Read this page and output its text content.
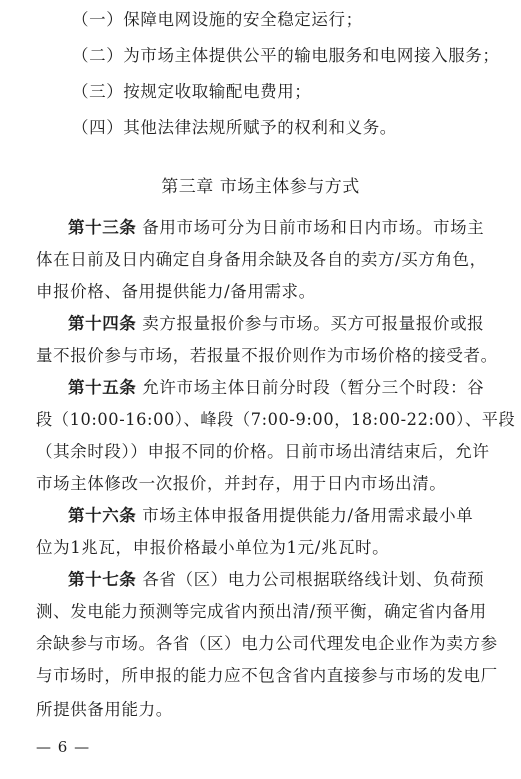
（一）保障电网设施的安全稳定运行；
（二）为市场主体提供公平的输电服务和电网接入服务；
（三）按规定收取输配电费用；
（四）其他法律法规所赋予的权利和义务。
第三章 市场主体参与方式
第十三条 备用市场可分为日前市场和日内市场。市场主
体在日前及日内确定自身备用余缺及各自的卖方/买方角色，
申报价格、备用提供能力/备用需求。
第十四条 卖方报量报价参与市场。买方可报量报价或报
量不报价参与市场，若报量不报价则作为市场价格的接受者。
第十五条 允许市场主体日前分时段（暂分三个时段：谷
段（10:00-16:00）、峰段（7:00-9:00，18:00-22:00）、平段
（其余时段））申报不同的价格。日前市场出清结束后，允许
市场主体修改一次报价，并封存，用于日内市场出清。
第十六条 市场主体申报备用提供能力/备用需求最小单
位为1兆瓦，申报价格最小单位为1元/兆瓦时。
第十七条 各省（区）电力公司根据联络线计划、负荷预
测、发电能力预测等完成省内预出清/预平衡，确定省内备用
余缺参与市场。各省（区）电力公司代理发电企业作为卖方参
与市场时，所申报的能力应不包含省内直接参与市场的发电厂
所提供备用能力。
— 6 —
